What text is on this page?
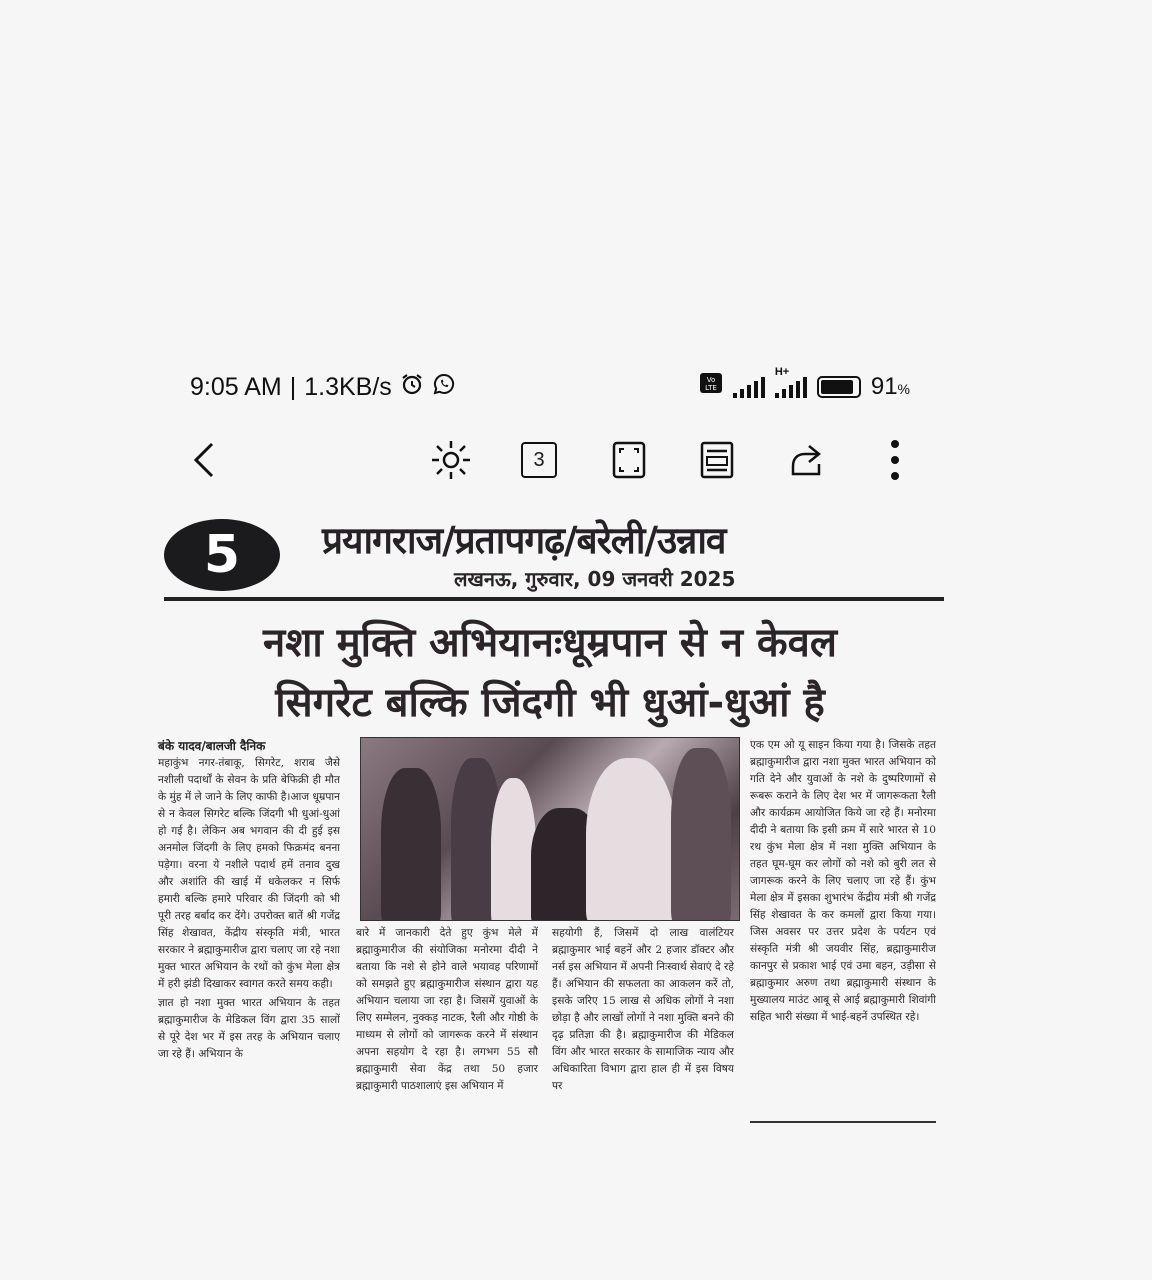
9:05 AM | 1.3KB/s	Vo
LTE
H+
91%
3
5	प्रयागराज/प्रतापगढ़/बरेली/उन्नाव
लखनऊ, गुरुवार, 09 जनवरी 2025
नशा मुक्ति अभियानःधूम्रपान से न केवल
सिगरेट बल्कि जिंदगी भी धुआं-धुआं है
बंके यादव/बालजी दैनिक
महाकुंभ नगर-तंबाकू, सिगरेट, शराब जैसे नशीली पदार्थों के सेवन के प्रति बेफिक्री ही मौत के मुंह में ले जाने के लिए काफी है।आज धूम्रपान से न केवल सिगरेट बल्कि जिंदगी भी धुआं-धुआं हो गई है। लेकिन अब भगवान की दी हुई इस अनमोल जिंदगी के लिए हमको फिक्रमंद बनना पड़ेगा। वरना ये नशीले पदार्थ हमें तनाव दुख और अशांति की खाई में धकेलकर न सिर्फ हमारी बल्कि हमारे परिवार की जिंदगी को भी पूरी तरह बर्बाद कर देंगे। उपरोक्त बातें श्री गजेंद्र सिंह शेखावत, केंद्रीय संस्कृति मंत्री, भारत सरकार ने ब्रह्माकुमारीज द्वारा चलाए जा रहे नशा मुक्त भारत अभियान के रथों को कुंभ मेला क्षेत्र में हरी झंडी दिखाकर स्वागत करते समय कही।
ज्ञात हो नशा मुक्त भारत अभियान के तहत ब्रह्माकुमारीज के मेडिकल विंग द्वारा 35 सालों से पूरे देश भर में इस तरह के अभियान चलाए जा रहे हैं। अभियान के
बारे में जानकारी देते हुए कुंभ मेले में ब्रह्माकुमारीज की संयोजिका मनोरमा दीदी ने बताया कि नशे से होने वाले भयावह परिणामों को समझते हुए ब्रह्माकुमारीज संस्थान द्वारा यह अभियान चलाया जा रहा है। जिसमें युवाओं के लिए सम्मेलन, नुक्कड़ नाटक, रैली और गोष्ठी के माध्यम से लोगों को जागरूक करने में संस्थान अपना सहयोग दे रहा है। लगभग 55 सौ ब्रह्माकुमारी सेवा केंद्र तथा 50 हजार ब्रह्माकुमारी पाठशालाएं इस अभियान में
सहयोगी हैं, जिसमें दो लाख वालंटियर ब्रह्माकुमार भाई बहनें और 2 हजार डॉक्टर और नर्स इस अभियान में अपनी निःस्वार्थ सेवाएं दे रहे हैं। अभियान की सफलता का आकलन करें तो, इसके जरिए 15 लाख से अधिक लोगों ने नशा छोड़ा है और लाखों लोगों ने नशा मुक्ति बनने की दृढ़ प्रतिज्ञा की है। ब्रह्माकुमारीज की मेडिकल विंग और भारत सरकार के सामाजिक न्याय और अधिकारिता विभाग द्वारा हाल ही में इस विषय पर
एक एम ओ यू साइन किया गया है। जिसके तहत ब्रह्माकुमारीज द्वारा नशा मुक्त भारत अभियान को गति देने और युवाओं के नशे के दुष्परिणामों से रूबरू कराने के लिए देश भर में जागरूकता रैली और कार्यक्रम आयोजित किये जा रहे हैं। मनोरमा दीदी ने बताया कि इसी क्रम में सारे भारत से 10 रथ कुंभ मेला क्षेत्र में नशा मुक्ति अभियान के तहत घूम-घूम कर लोगों को नशे को बुरी लत से जागरूक करने के लिए चलाए जा रहे हैं। कुंभ मेला क्षेत्र में इसका शुभारंभ केंद्रीय मंत्री श्री गजेंद्र सिंह शेखावत के कर कमलों द्वारा किया गया। जिस अवसर पर उत्तर प्रदेश के पर्यटन एवं संस्कृति मंत्री श्री जयवीर सिंह, ब्रह्माकुमारीज कानपुर से प्रकाश भाई एवं उमा बहन, उड़ीसा से ब्रह्माकुमार अरुण तथा ब्रह्माकुमारी संस्थान के मुख्यालय माउंट आबू से आई ब्रह्माकुमारी शिवांगी सहित भारी संख्या में भाई-बहनें उपस्थित रहे।
